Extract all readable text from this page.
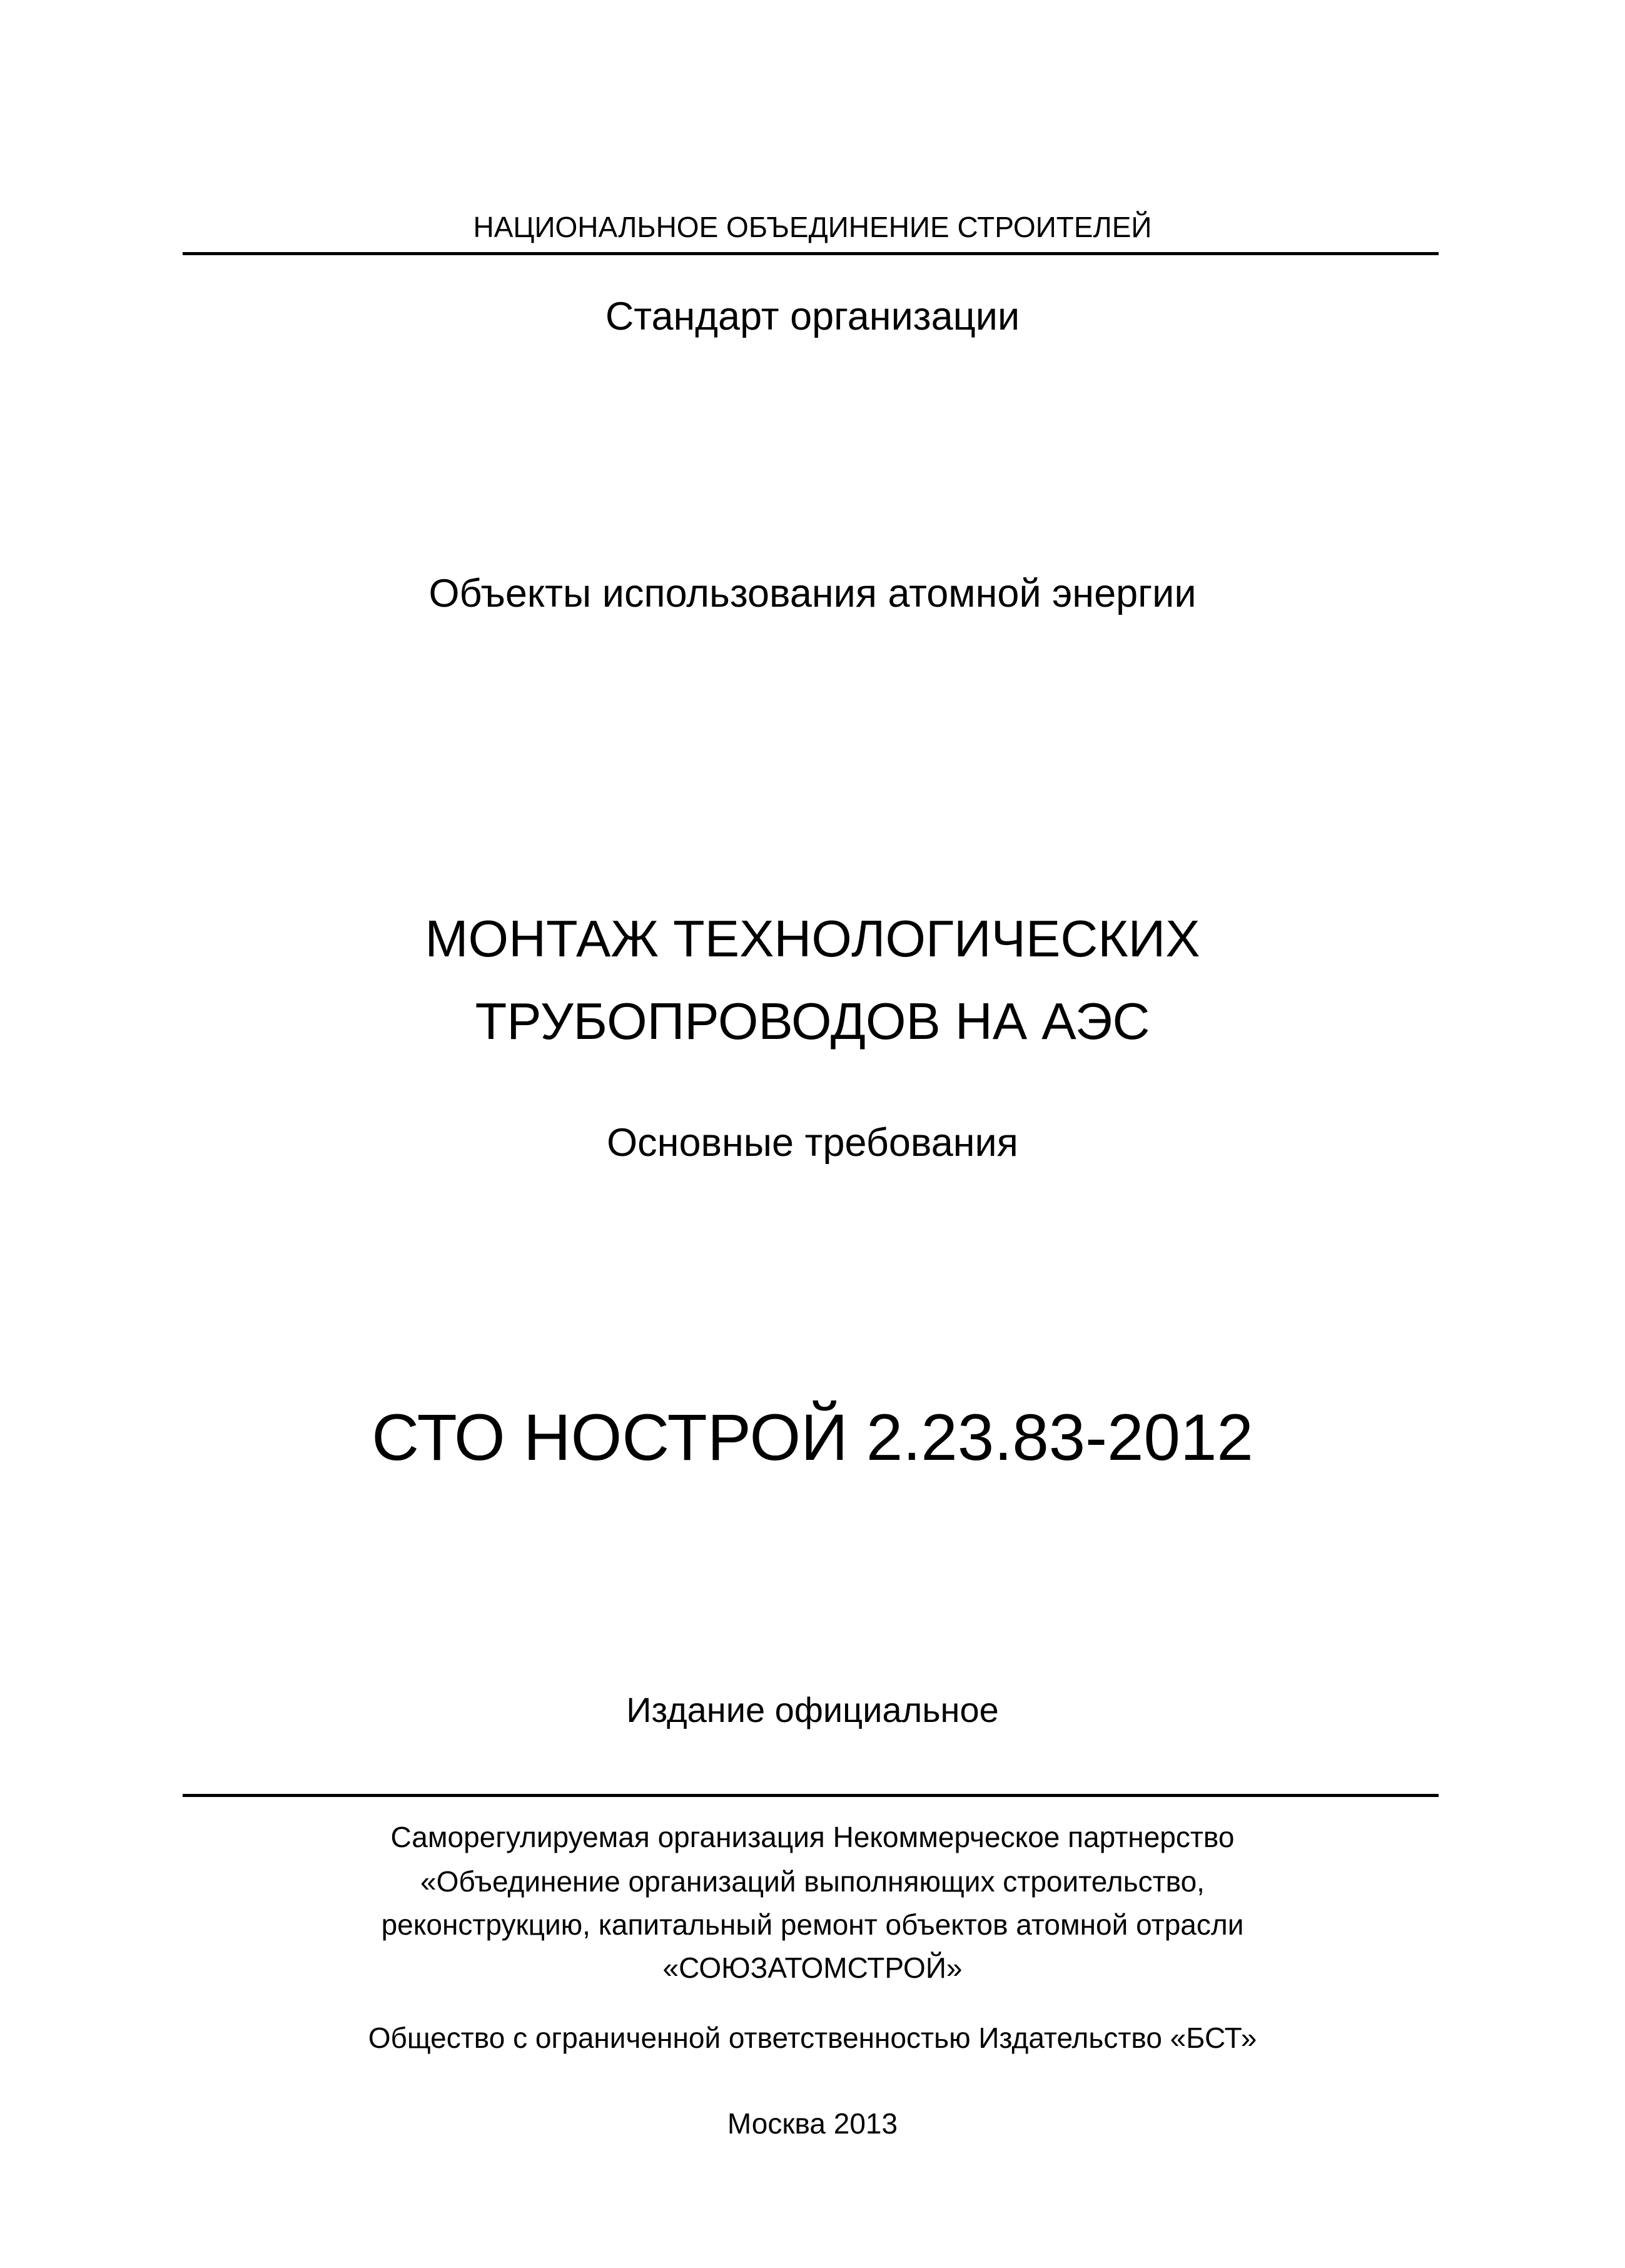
НАЦИОНАЛЬНОЕ ОБЪЕДИНЕНИЕ СТРОИТЕЛЕЙ
Стандарт организации
Объекты использования атомной энергии
МОНТАЖ ТЕХНОЛОГИЧЕСКИХ
ТРУБОПРОВОДОВ НА АЭС
Основные требования
СТО НОСТРОЙ 2.23.83-2012
Издание официальное
Саморегулируемая организация Некоммерческое партнерство
«Объединение организаций выполняющих строительство,
реконструкцию, капитальный ремонт объектов атомной отрасли
«СОЮЗАТОМСТРОЙ»
Общество с ограниченной ответственностью Издательство «БСТ»
Москва 2013
